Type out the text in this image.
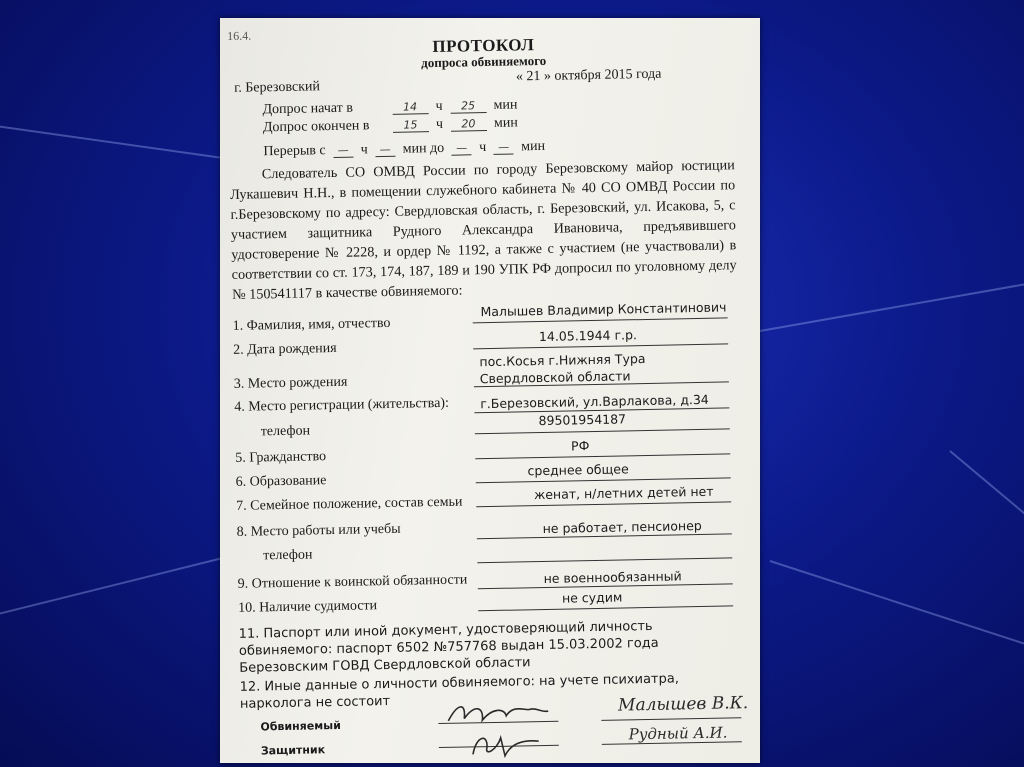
16.4.	ПРОТОКОЛ
допроса обвиняемого
г. Березовский
« 21 » октября 2015 года
Допрос начат в	14 ч 25 мин
Допрос окончен в	15 ч 20 мин
Перерыв с — ч — мин до — ч — мин
Следователь СО ОМВД России по городу Березовскому майор юстиции Лукашевич Н.Н., в помещении служебного кабинета № 40 СО ОМВД России по г.Березовскому по адресу: Свердловская область, г. Березовский, ул. Исакова, 5, с участием защитника Рудного Александра Ивановича, предъявившего удостоверение № 2228, и ордер № 1192, а также с участием (не участвовали) в соответствии со ст. 173, 174, 187, 189 и 190 УПК РФ допросил по уголовному делу № 150541117 в качестве обвиняемого:
1. Фамилия, имя, отчество
Малышев Владимир Константинович
2. Дата рождения
14.05.1944 г.р.
3. Место рождения
пос.Косья г.Нижняя Тура
Свердловской области
4. Место регистрации (жительства): г.Березовский, ул.Варлакова, д.34
телефон
89501954187
5. Гражданство
РФ
6. Образование
среднее общее
7. Семейное положение, состав семьи
женат, н/летних детей нет
8. Место работы или учебы	не работает, пенсионер
телефон
9. Отношение к воинской обязанности	не военнообязанный
10. Наличие судимости
не судим
11. Паспорт или иной документ, удостоверяющий личность обвиняемого: паспорт 6502 №757768 выдан 15.03.2002 года Березовским ГОВД Свердловской области
12. Иные данные о личности обвиняемого: на учете психиатра, нарколога не состоит
Обвиняемый
Защитник
Малышев В.К.
Рудный А.И.
